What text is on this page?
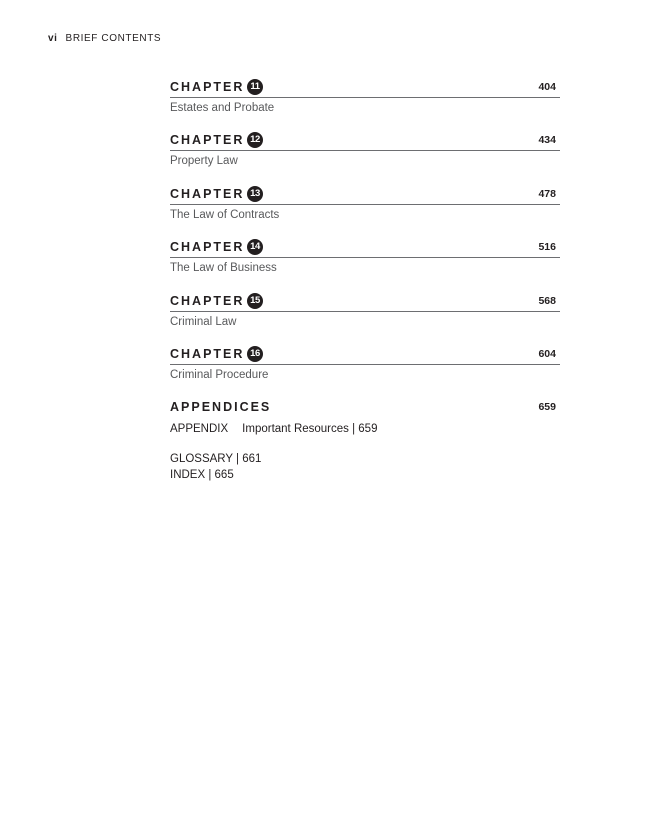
vi BRIEF CONTENTS
CHAPTER 11	404
Estates and Probate
CHAPTER 12	434
Property Law
CHAPTER 13	478
The Law of Contracts
CHAPTER 14	516
The Law of Business
CHAPTER 15	568
Criminal Law
CHAPTER 16	604
Criminal Procedure
APPENDICES	659
APPENDIX Important Resources | 659
GLOSSARY | 661
INDEX | 665
